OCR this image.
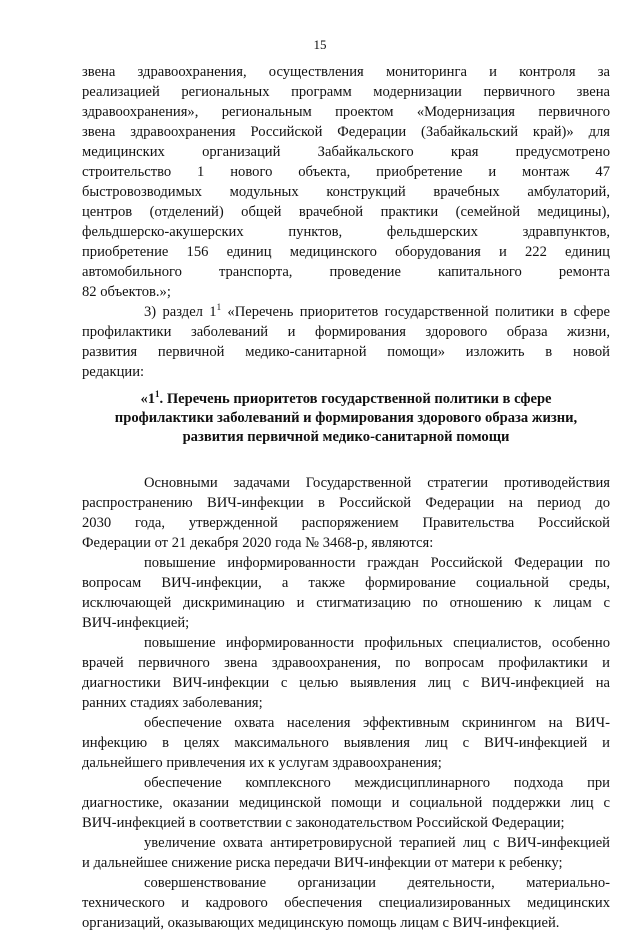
15

звена здравоохранения, осуществления мониторинга и контроля за

реализацией региональных программ модернизации первичного звена

здравоохранения», региональным проектом «Модернизация первичного

звена здравоохранения Российской Федерации (Забайкальский край)» для

медицинских организаций Забайкальского края предусмотрено

строительство 1 нового объекта, приобретение и монтаж 47

быстровозводимых модульных конструкций врачебных амбулаторий,

центров (отделений) общей врачебной практики (семейной медицины),

фельдшерско-акушерских пунктов, фельдшерских здравпунктов,

приобретение 156 единиц медицинского оборудования и 222 единиц

автомобильного транспорта, проведение капитального ремонта

82 объектов.»;

3) раздел $1^1$ «Перечень приоритетов государственной политики в сфере

профилактики заболеваний и формирования здорового образа жизни,

развития первичной медико-санитарной помощи» изложить в новой

редакции:

«$1^1$. Перечень приоритетов государственной политики в сфере
профилактики заболеваний и формирования здорового образа жизни,
развития первичной медико-санитарной помощи

Основными задачами Государственной стратегии противодействия

распространению ВИЧ-инфекции в Российской Федерации на период до

2030 года, утвержденной распоряжением Правительства Российской

Федерации от 21 декабря 2020 года № 3468-р, являются:

повышение информированности граждан Российской Федерации по

вопросам ВИЧ-инфекции, а также формирование социальной среды,

исключающей дискриминацию и стигматизацию по отношению к лицам с

ВИЧ-инфекцией;

повышение информированности профильных специалистов, особенно

врачей первичного звена здравоохранения, по вопросам профилактики и

диагностики ВИЧ-инфекции с целью выявления лиц с ВИЧ-инфекцией на

ранних стадиях заболевания;

обеспечение охвата населения эффективным скринингом на ВИЧ-

инфекцию в целях максимального выявления лиц с ВИЧ-инфекцией и

дальнейшего привлечения их к услугам здравоохранения;

обеспечение комплексного междисциплинарного подхода при

диагностике, оказании медицинской помощи и социальной поддержки лиц с

ВИЧ-инфекцией в соответствии с законодательством Российской Федерации;

увеличение охвата антиретровирусной терапией лиц с ВИЧ-инфекцией

и дальнейшее снижение риска передачи ВИЧ-инфекции от матери к ребенку;

совершенствование организации деятельности, материально-

технического и кадрового обеспечения специализированных медицинских

организаций, оказывающих медицинскую помощь лицам с ВИЧ-инфекцией.
